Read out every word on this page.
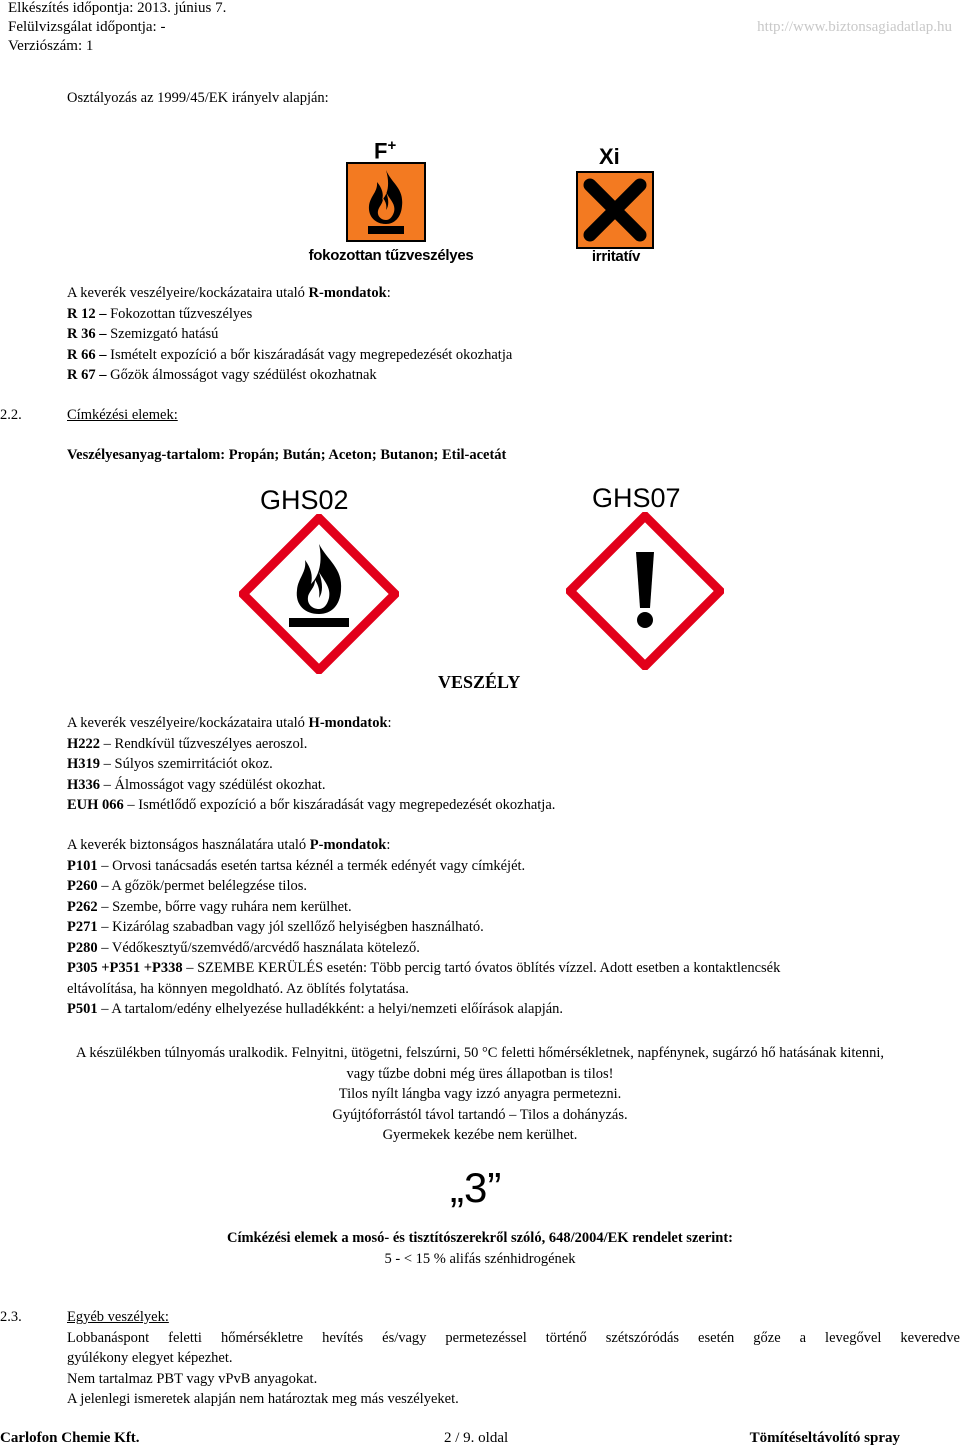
Elkészítés időpontja: 2013. június 7.
Felülvizsgálat időpontja: -
Verziószám: 1
http://www.biztonsagiadatlap.hu
Osztályozás az 1999/45/EK irányelv alapján:
F+
fokozottan tűzveszélyes
Xi
irritatív
A keverék veszélyeire/kockázataira utaló R-mondatok:
R 12 – Fokozottan tűzveszélyes
R 36 – Szemizgató hatású
R 66 – Ismételt expozíció a bőr kiszáradását vagy megrepedezését okozhatja
R 67 – Gőzök álmosságot vagy szédülést okozhatnak
2.2.	Címkézési elemek:
Veszélyesanyag-tartalom: Propán; Bután; Aceton; Butanon; Etil-acetát
GHS02	GHS07
VESZÉLY
A keverék veszélyeire/kockázataira utaló H-mondatok:
H222 – Rendkívül tűzveszélyes aeroszol.
H319 – Súlyos szemirritációt okoz.
H336 – Álmosságot vagy szédülést okozhat.
EUH 066 – Ismétlődő expozíció a bőr kiszáradását vagy megrepedezését okozhatja.
A keverék biztonságos használatára utaló P-mondatok:
P101 – Orvosi tanácsadás esetén tartsa kéznél a termék edényét vagy címkéjét.
P260 – A gőzök/permet belélegzése tilos.
P262 – Szembe, bőrre vagy ruhára nem kerülhet.
P271 – Kizárólag szabadban vagy jól szellőző helyiségben használható.
P280 – Védőkesztyű/szemvédő/arcvédő használata kötelező.
P305 +P351 +P338 – SZEMBE KERÜLÉS esetén: Több percig tartó óvatos öblítés vízzel. Adott esetben a kontaktlencsék
eltávolítása, ha könnyen megoldható. Az öblítés folytatása.
P501 – A tartalom/edény elhelyezése hulladékként: a helyi/nemzeti előírások alapján.
A készülékben túlnyomás uralkodik. Felnyitni, ütögetni, felszúrni, 50 °C feletti hőmérsékletnek, napfénynek, sugárzó hő hatásának kitenni,
vagy tűzbe dobni még üres állapotban is tilos!
Tilos nyílt lángba vagy izzó anyagra permetezni.
Gyújtóforrástól távol tartandó – Tilos a dohányzás.
Gyermekek kezébe nem kerülhet.
„3”
Címkézési elemek a mosó- és tisztítószerekről szóló, 648/2004/EK rendelet szerint:
5 - < 15 % alifás szénhidrogének
2.3.	Egyéb veszélyek:
Lobbanáspont feletti hőmérsékletre hevítés és/vagy permetezéssel történő szétszóródás esetén gőze a levegővel keveredve
gyúlékony elegyet képezhet.
Nem tartalmaz PBT vagy vPvB anyagokat.
A jelenlegi ismeretek alapján nem határoztak meg más veszélyeket.
Carlofon Chemie Kft.	2 / 9. oldal	Tömítéseltávolító spray
